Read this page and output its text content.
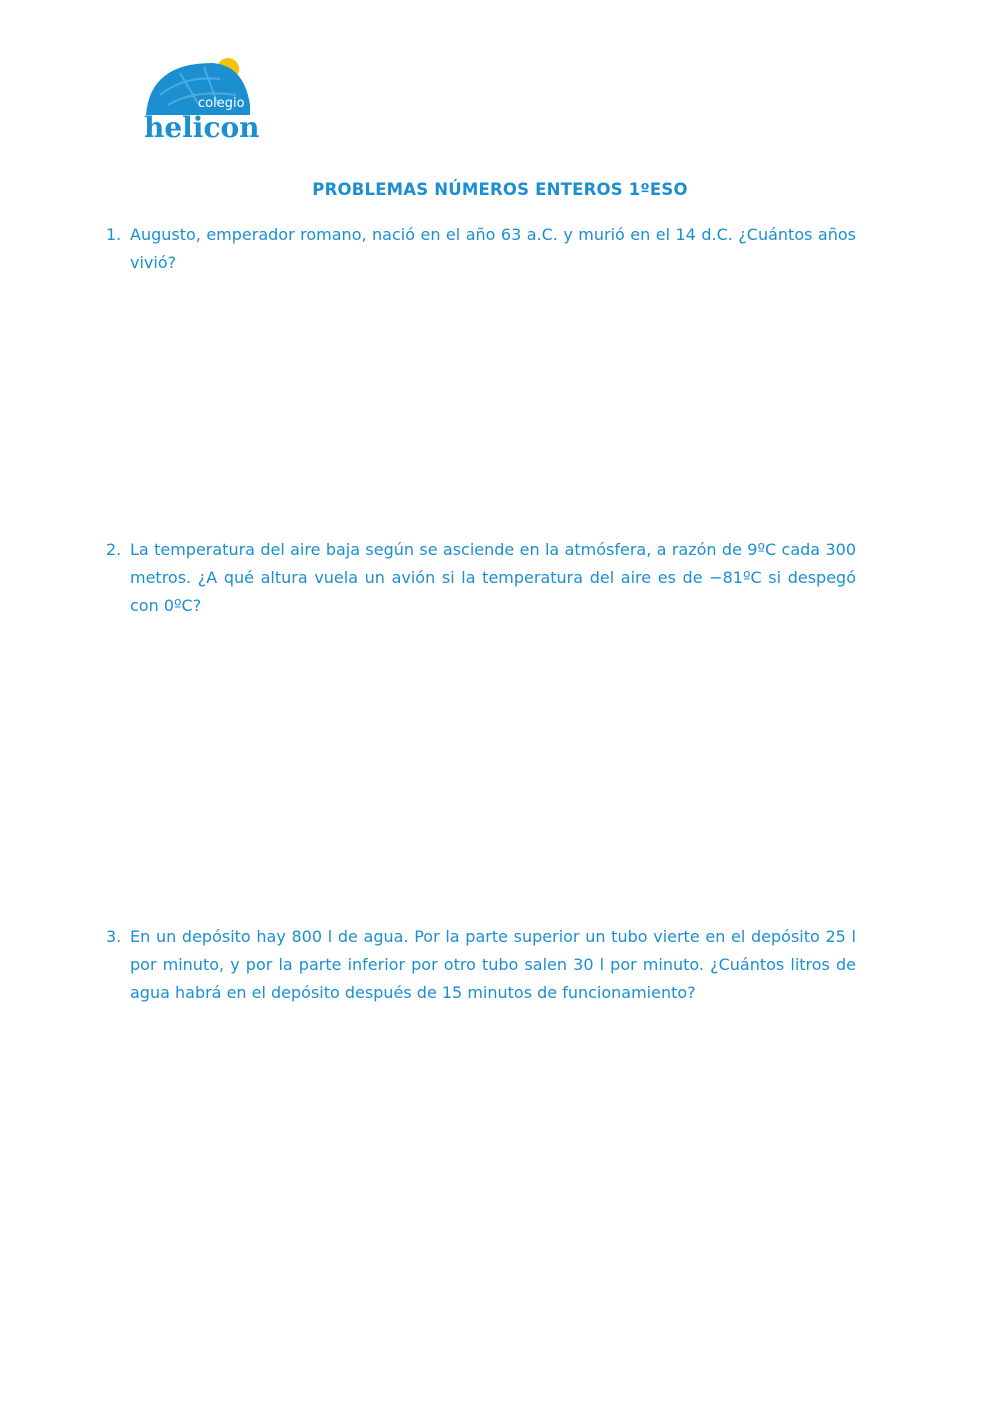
colegio
helicon
PROBLEMAS NÚMEROS ENTEROS 1ºESO
1. Augusto, emperador romano, nació en el año 63 a.C. y murió en el 14 d.C. ¿Cuántos años vivió?
2. La temperatura del aire baja según se asciende en la atmósfera, a razón de 9ºC cada 300 metros. ¿A qué altura vuela un avión si la temperatura del aire es de −81ºC si despegó con 0ºC?
3. En un depósito hay 800 l de agua. Por la parte superior un tubo vierte en el depósito 25 l por minuto, y por la parte inferior por otro tubo salen 30 l por minuto. ¿Cuántos litros de agua habrá en el depósito después de 15 minutos de funcionamiento?
